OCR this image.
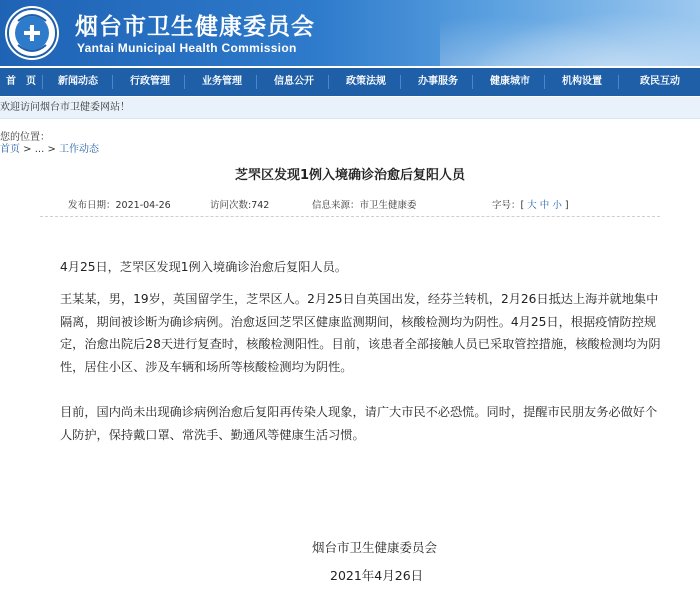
烟台市卫生健康委员会
Yantai Municipal Health Commission
首　页 新闻动态	行政管理	业务管理	信息公开	政策法规	办事服务	健康城市	机构设置	政民互动
欢迎访问烟台市卫健委网站！
您的位置：
首页 > ... > 工作动态
芝罘区发现1例入境确诊治愈后复阳人员
发布日期：2021-04-26	访问次数:742	信息来源：市卫生健康委	字号：[ 大 中 小 ]

4月25日，芝罘区发现1例入境确诊治愈后复阳人员。

王某某，男，19岁，英国留学生，芝罘区人。2月25日自英国出发，经芬兰转机，2月26日抵达上海并就地集中隔离，期间被诊断为确诊病例。治愈返回芝罘区健康监测期间，核酸检测均为阴性。4月25日，根据疫情防控规定，治愈出院后28天进行复查时，核酸检测阳性。目前，该患者全部接触人员已采取管控措施，核酸检测均为阴性，居住小区、涉及车辆和场所等核酸检测均为阴性。

目前，国内尚未出现确诊病例治愈后复阳再传染人现象，请广大市民不必恐慌。同时，提醒市民朋友务必做好个人防护，保持戴口罩、常洗手、勤通风等健康生活习惯。

烟台市卫生健康委员会
2021年4月26日
